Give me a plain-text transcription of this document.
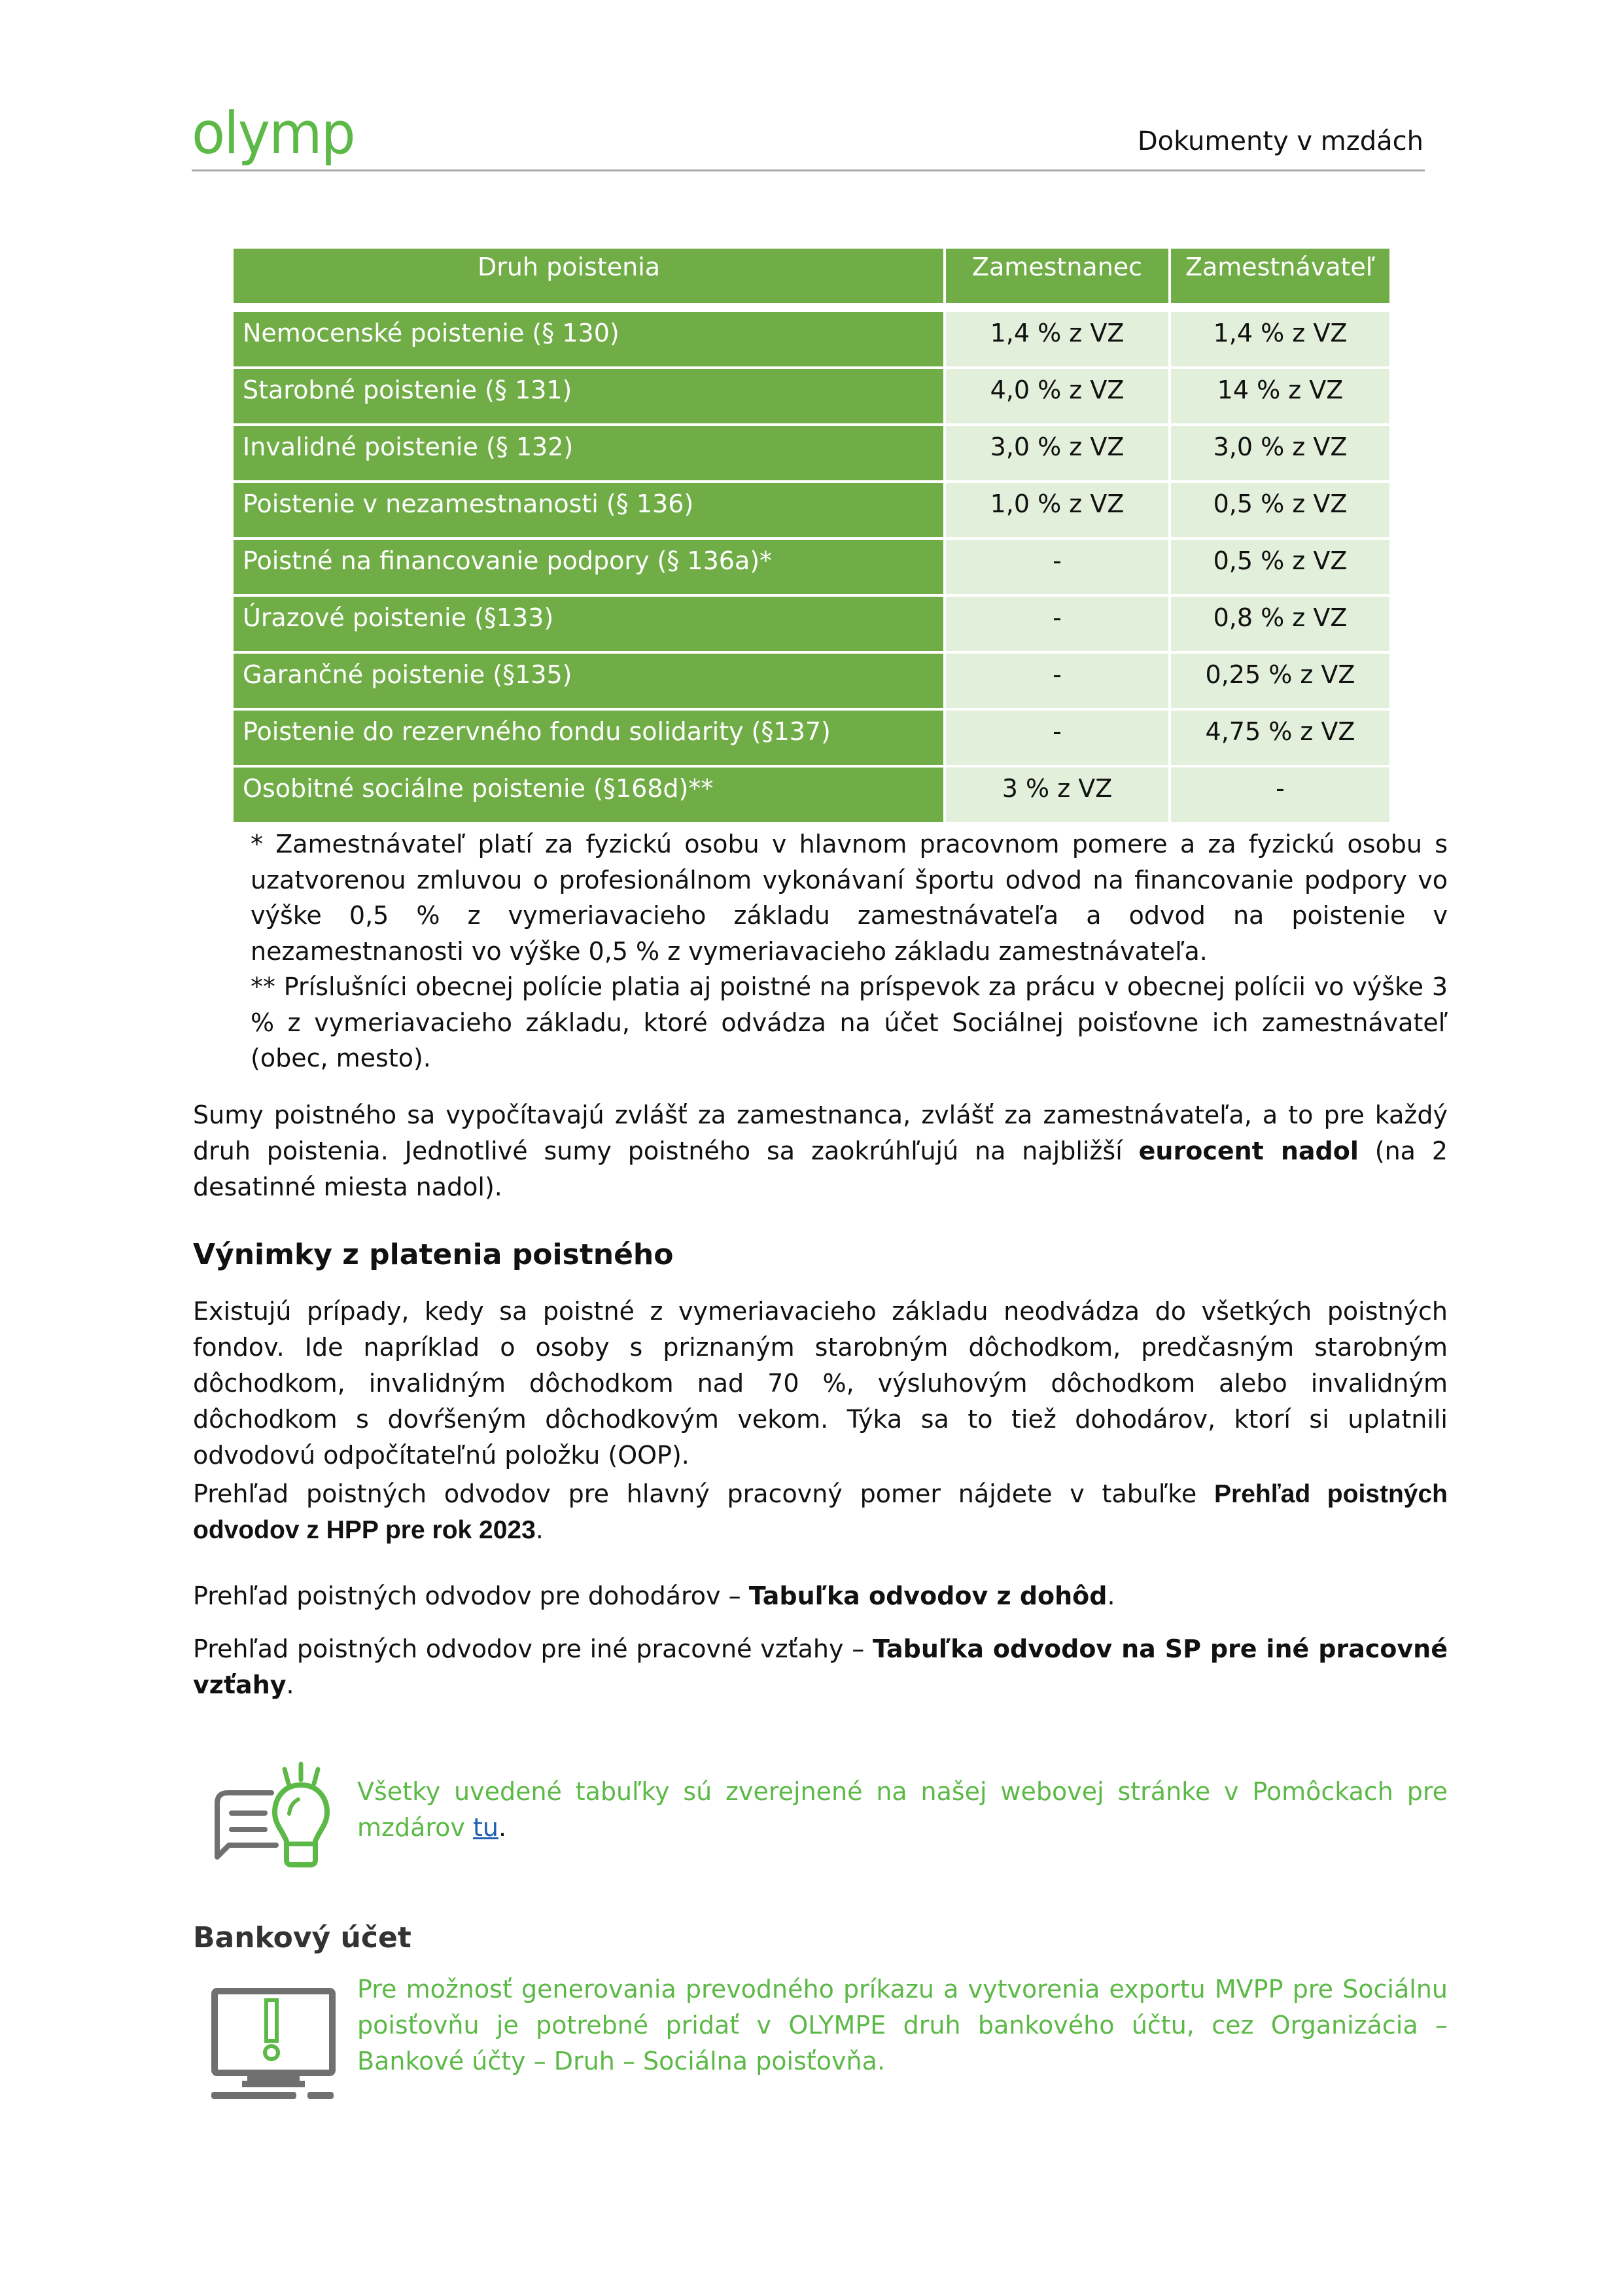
olymp	Dokumenty v mzdách
Druh poistenia	Zamestnanec	Zamestnávateľ
Nemocenské poistenie (§ 130)	1,4 % z VZ	1,4 % z VZ
Starobné poistenie (§ 131)	4,0 % z VZ	14 % z VZ
Invalidné poistenie (§ 132)	3,0 % z VZ	3,0 % z VZ
Poistenie v nezamestnanosti (§ 136)	1,0 % z VZ	0,5 % z VZ
Poistné na financovanie podpory (§ 136a)*	-	0,5 % z VZ
Úrazové poistenie (§133)	-	0,8 % z VZ
Garančné poistenie (§135)	-	0,25 % z VZ
Poistenie do rezervného fondu solidarity (§137)	-	4,75 % z VZ
Osobitné sociálne poistenie (§168d)**	3 % z VZ	-

* Zamestnávateľ platí za fyzickú osobu v hlavnom pracovnom pomere a za fyzickú osobu s uzatvorenou zmluvou o profesionálnom vykonávaní športu odvod na financovanie podpory vo výške 0,5 % z vymeriavacieho základu zamestnávateľa a odvod na poistenie v nezamestnanosti vo výške 0,5 % z vymeriavacieho základu zamestnávateľa.

** Príslušníci obecnej polície platia aj poistné na príspevok za prácu v obecnej polícii vo výške 3 % z vymeriavacieho základu, ktoré odvádza na účet Sociálnej poisťovne ich zamestnávateľ (obec, mesto).

Sumy poistného sa vypočítavajú zvlášť za zamestnanca, zvlášť za zamestnávateľa, a to pre každý druh poistenia. Jednotlivé sumy poistného sa zaokrúhľujú na najbližší eurocent nadol (na 2 desatinné miesta nadol).

Výnimky z platenia poistného
Existujú prípady, kedy sa poistné z vymeriavacieho základu neodvádza do všetkých poistných fondov. Ide napríklad o osoby s priznaným starobným dôchodkom, predčasným starobným dôchodkom, invalidným dôchodkom nad 70 %, výsluhovým dôchodkom alebo invalidným dôchodkom s dovŕšeným dôchodkovým vekom. Týka sa to tiež dohodárov, ktorí si uplatnili odvodovú odpočítateľnú položku (OOP).

Prehľad poistných odvodov pre hlavný pracovný pomer nájdete v tabuľke Prehľad poistných odvodov z HPP pre rok 2023.

Prehľad poistných odvodov pre dohodárov – Tabuľka odvodov z dohôd.

Prehľad poistných odvodov pre iné pracovné vzťahy – Tabuľka odvodov na SP pre iné pracovné vzťahy.

Všetky uvedené tabuľky sú zverejnené na našej webovej stránke v Pomôckach pre mzdárov tu.
Bankový účet
Pre možnosť generovania prevodného príkazu a vytvorenia exportu MVPP pre Sociálnu poisťovňu je potrebné pridať v OLYMPE druh bankového účtu, cez Organizácia – Bankové účty – Druh – Sociálna poisťovňa.
